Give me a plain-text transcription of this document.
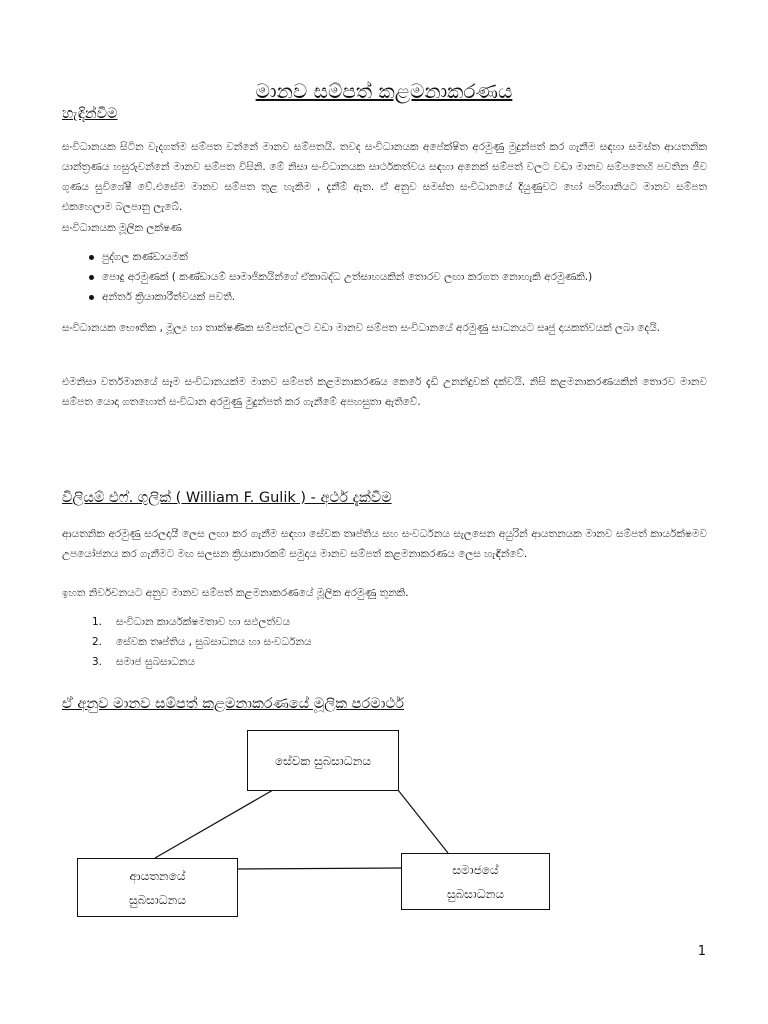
මානව සම්පත් කළමනාකරණය
හැඳින්වීම

සංවිධානයක සිටින වැදගත්ම සම්පත වන්නේ මානව සම්පතයි. තවද සංවිධානයක අපේක්ෂිත අරමුණු මුදුන්පත් කර ගැනීම සඳහා සමස්ත ආයතනික යාන්ත්‍රණය හසුරුවන්නේ මානව සම්පත විසිනි. මේ නිසා සංවිධානයක සාර්ථකත්වය සඳහා අනෙක් සම්පත් වලට වඩා මානව සම්පතෙහි පවතින ජීව ගුණය සුවිශේෂී වේ.එසේම මානව සම්පත තුළ හැකිම , දැනීම් ඇත. ඒ අනුව සමස්ත සංවිධානයේ දියුණුවට හෝ පරිහානියට මානව සම්පත එකහෙලාම බලපානු ලැබේ.

සංවිධානයක මූලික ලක්ෂණ

පුද්ගල කණ්ඩායමක්
පොදු අරමුණක් ( කණ්ඩායම් සාමාජිකයින්ගේ ඒකාබද්ධ උත්සාහයකින් තොරව ලඟා කරගත නොහැකි අරමුණකි.)
අන්තර් ක්‍රියාකාරීත්වයක් පවතී.

සංවිධානයක භෞතික , මූල්‍ය හා තාක්ෂණික සම්පත්වලට වඩා මානව සම්පත සංවිධානයේ අරමුණු සාධනයට සෘජු දායකත්වයක් ලබා දෙයි.

එමනිසා වර්තමානයේ සෑම සංවිධානයක්ම මානව සම්පත් කළමනාකරණය කෙරේ දැඩි උනන්දුවක් දක්වයි. නිසි කළමනාකරණයකින් තොරව මානව සම්පත යොදා ගතහොත් සංවිධාන අරමුණු මුදුන්පත් කර ගැනීමේ අපහසුතා ඇතිවේ.

විලියම් එෆ්. ගුලික් ( William F. Gulik ) - අර්ථ දැක්වීම

ආයතනික අරමුණු සරලදායී ලෙස ලඟා කර ගැනීම සඳහා සේවක තෘප්තිය සහ සංවර්ධනය සැලසෙන අයුරින් ආයතනයක මානව සම්පත් කාර්යක්ෂමව උපයෝජනය කර ගැනීමට මඟ සලසන ක්‍රියාකාරකම් සමුදාය මානව සම්පත් කළමනාකරණය ලෙස හැඳින්වේ.

ඉහත නිර්වචනයට අනුව මානව සම්පත් කළමනාකරණයේ මූලික අරමුණු තුනකි.

1. සංවිධාන කාර්යක්ෂමතාව හා සඵලත්වය
2. සේවක තෘප්තිය , සුබසාධනය හා සංවර්ධනය
3. සමාජ සුබසාධනය
ඒ අනුව මානව සම්පත් කළමනාකරණයේ මූලික පරමාර්ථ
සේවක සුබසාධනය
ආයතනයේ
සුබසාධනය
සමාජයේ
සුබසාධනය
1
